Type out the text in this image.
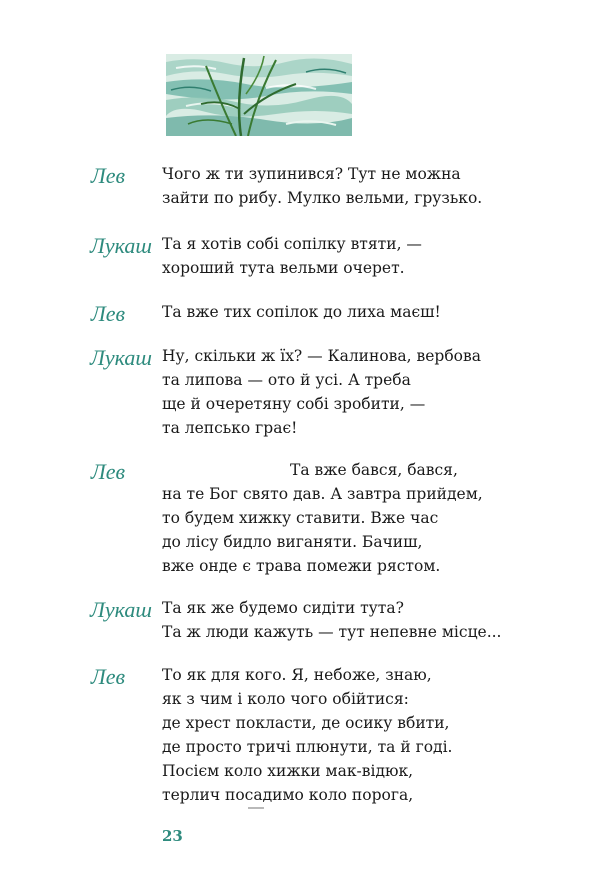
Лев	Чого ж ти зупинився? Тут не можна
зайти по рибу. Мулко вельми, грузько.
Лукаш Та я хотів собі сопілку втяти, —
хороший тута вельми очерет.
Лев	Та вже тих сопілок до лиха маєш!
Лукаш Ну, скільки ж їх? — Калинова, вербова
та липова — ото й усі. А треба
ще й очеретяну собі зробити, —
та лепсько грає!
Лев	Та вже бався, бався,
на те Бог свято дав. А завтра прийдем,
то будем хижку ставити. Вже час
до лісу бидло виганяти. Бачиш,
вже онде є трава помежи рястом.
Лукаш Та як же будемо сидіти тута?
Та ж люди кажуть — тут непевне місце...
Лев	То як для кого. Я, небоже, знаю,
як з чим і коло чого обійтися:
де хрест покласти, де осику вбити,
де просто тричі плюнути, та й годі.
Посієм коло хижки мак-відюк,
терлич посадимо коло порога,
23
